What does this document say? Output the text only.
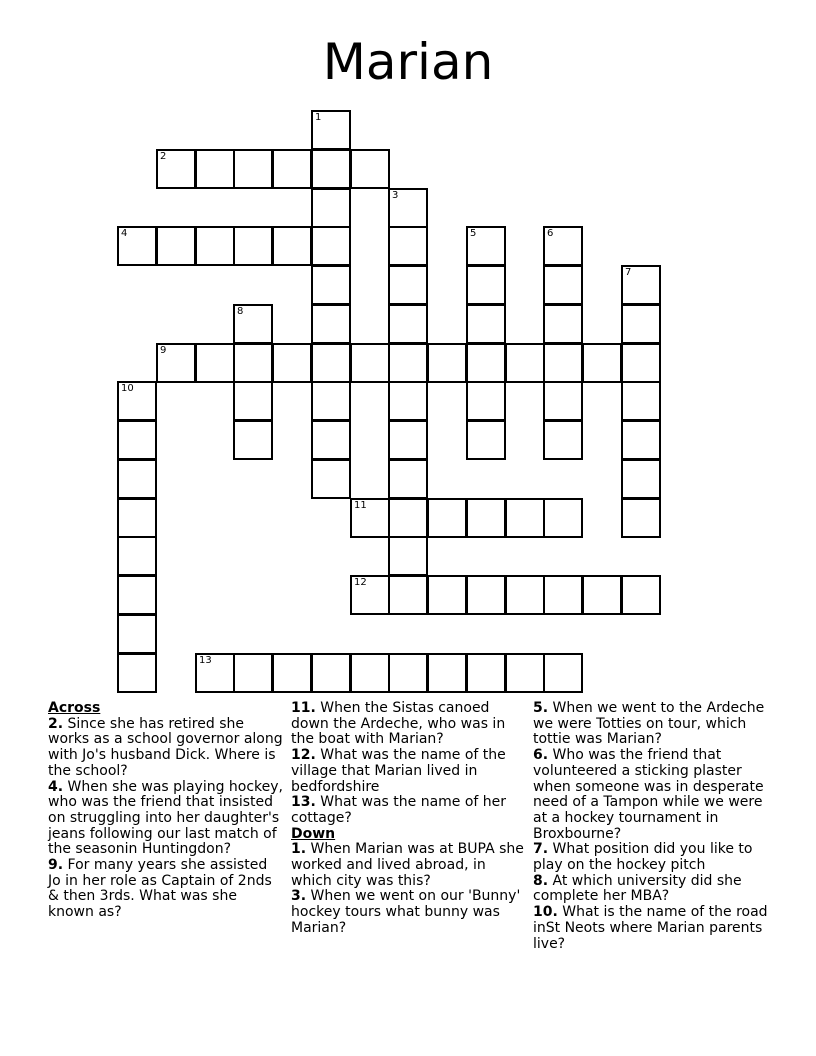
Marian
1
2
3
4	5	6
7
8
9
10
11
12
13
Across

2. Since she has retired she works as a school governor along with Jo's husband Dick. Where is the school?

4. When she was playing hockey, who was the friend that insisted on struggling into her daughter's jeans following our last match of the seasonin Huntingdon?

9. For many years she assisted Jo in her role as Captain of 2nds & then 3rds. What was she known as?

11. When the Sistas canoed down the Ardeche, who was in the boat with Marian?

12. What was the name of the village that Marian lived in bedfordshire

13. What was the name of her cottage?

Down

1. When Marian was at BUPA she worked and lived abroad, in which city was this?

3. When we went on our 'Bunny' hockey tours what bunny was Marian?

5. When we went to the Ardeche we were Totties on tour, which tottie was Marian?

6. Who was the friend that volunteered a sticking plaster when someone was in desperate need of a Tampon while we were at a hockey tournament in Broxbourne?

7. What position did you like to play on the hockey pitch

8. At which university did she complete her MBA?

10. What is the name of the road inSt Neots where Marian parents live?
